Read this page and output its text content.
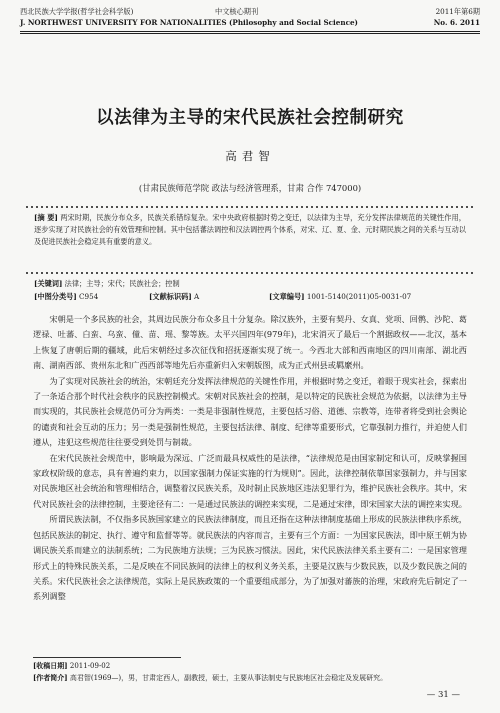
西北民族大学学报(哲学社会科学版)	中文核心期刊	2011年第6期
J. NORTHWEST UNIVERSITY FOR NATIONALITIES (Philosophy and Social Science)	No. 6. 2011
以法律为主导的宋代民族社会控制研究
高君智
(甘肃民族师范学院 政法与经济管理系，甘肃 合作 747000)
[摘 要] 两宋时期，民族分布众多，民族关系错综复杂。宋中央政府根据时势之变迁，以法律为主导，充分发挥法律规范的关键性作用，逐步实现了对民族社会的有效管理和控制。其中包括蕃法调控和汉法调控两个体系，对宋、辽、夏、金、元时期民族之间的关系与互动以及促进民族社会稳定具有重要的意义。
[关键词] 法律；主导；宋代；民族社会；控制
[中图分类号] C954	[文献标识码] A	[文章编号] 1001-5140(2011)05-0031-07

宋朝是一个多民族的社会，其周边民族分布众多且十分复杂。除汉族外，主要有契丹、女真、党项、回鹘、沙陀、葛逻禄、吐蕃、白蛮、乌蛮、僮、苗、瑶、黎等族。太平兴国四年(979年)，北宋消灭了最后一个割据政权——北汉，基本上恢复了唐朝后期的疆域，此后宋朝经过多次征伐和招抚逐渐实现了统一。今西北大部和西南地区的四川南部、湖北西南、湖南西部、贵州东北和广西西部等地先后亦重新归入宋朝版图，成为正式州县或羁縻州。

为了实现对民族社会的统治，宋朝廷充分发挥法律规范的关键性作用，并根据时势之变迁，着眼于现实社会，探索出了一条适合那个时代社会秩序的民族控制模式。宋朝对民族社会的控制，是以特定的民族社会规范为依据，以法律为主导而实现的，其民族社会规范仍可分为两类：一类是非强制性规范，主要包括习俗、道德、宗教等，连带者将受到社会舆论的谴责和社会互动的压力；另一类是强制性规范，主要包括法律、制度、纪律等重要形式，它靠强制力推行，并迫使人们遵从，违犯这些规范往往要受到处罚与制裁。

在宋代民族社会规范中，影响最为深远、广泛而最具权威性的是法律，“法律规范是由国家制定和认可，反映掌握国家政权阶级的意志，具有普遍约束力，以国家强制力保证实施的行为规则”。因此，法律控制依靠国家强制力，并与国家对民族地区社会统治和管理相结合，调整着汉民族关系，及时制止民族地区违法犯罪行为，维护民族社会秩序。其中，宋代对民族社会的法律控制，主要途径有二：一是通过民族法的调控来实现，二是通过宋律，即宋国家大法的调控来实现。

所谓民族法制，不仅指多民族国家建立的民族法律制度，而且还指在这种法律制度基础上形成的民族法律秩序系统，包括民族法的制定、执行、遵守和监督等等。就民族法的内容而言，主要有三个方面：一为国家民族法，即中原王朝为协调民族关系而建立的法制系统；二为民族地方法规；三为民族习惯法。因此，宋代民族法律关系主要有二：一是国家管理形式上的特殊民族关系，二是反映在不同民族间的法律上的权利义务关系，主要是汉族与少数民族，以及少数民族之间的关系。宋代民族社会之法律规范，实际上是民族政策的一个重要组成部分，为了加强对蕃族的治理，宋政府先后制定了一系列调整

[收稿日期] 2011-09-02
[作者简介] 高君智(1969—)，男，甘肃定西人，副教授，硕士，主要从事法制史与民族地区社会稳定及发展研究。
— 31 —
